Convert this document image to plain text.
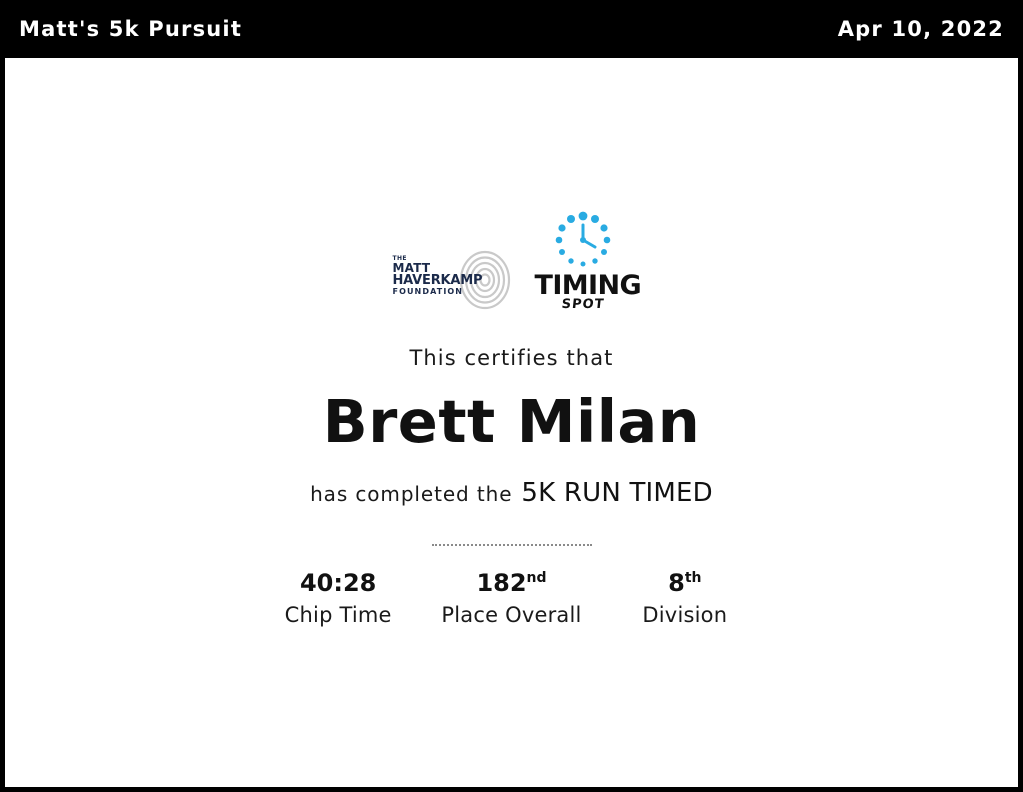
Matt's 5k Pursuit	Apr 10, 2022
THE
MATT
HAVERKAMP
FOUNDATION	TIMING
SPOT
This certifies that
Brett Milan
has completed the 5K RUN TIMED
40:28
Chip Time
182nd
Place Overall
8th
Division
